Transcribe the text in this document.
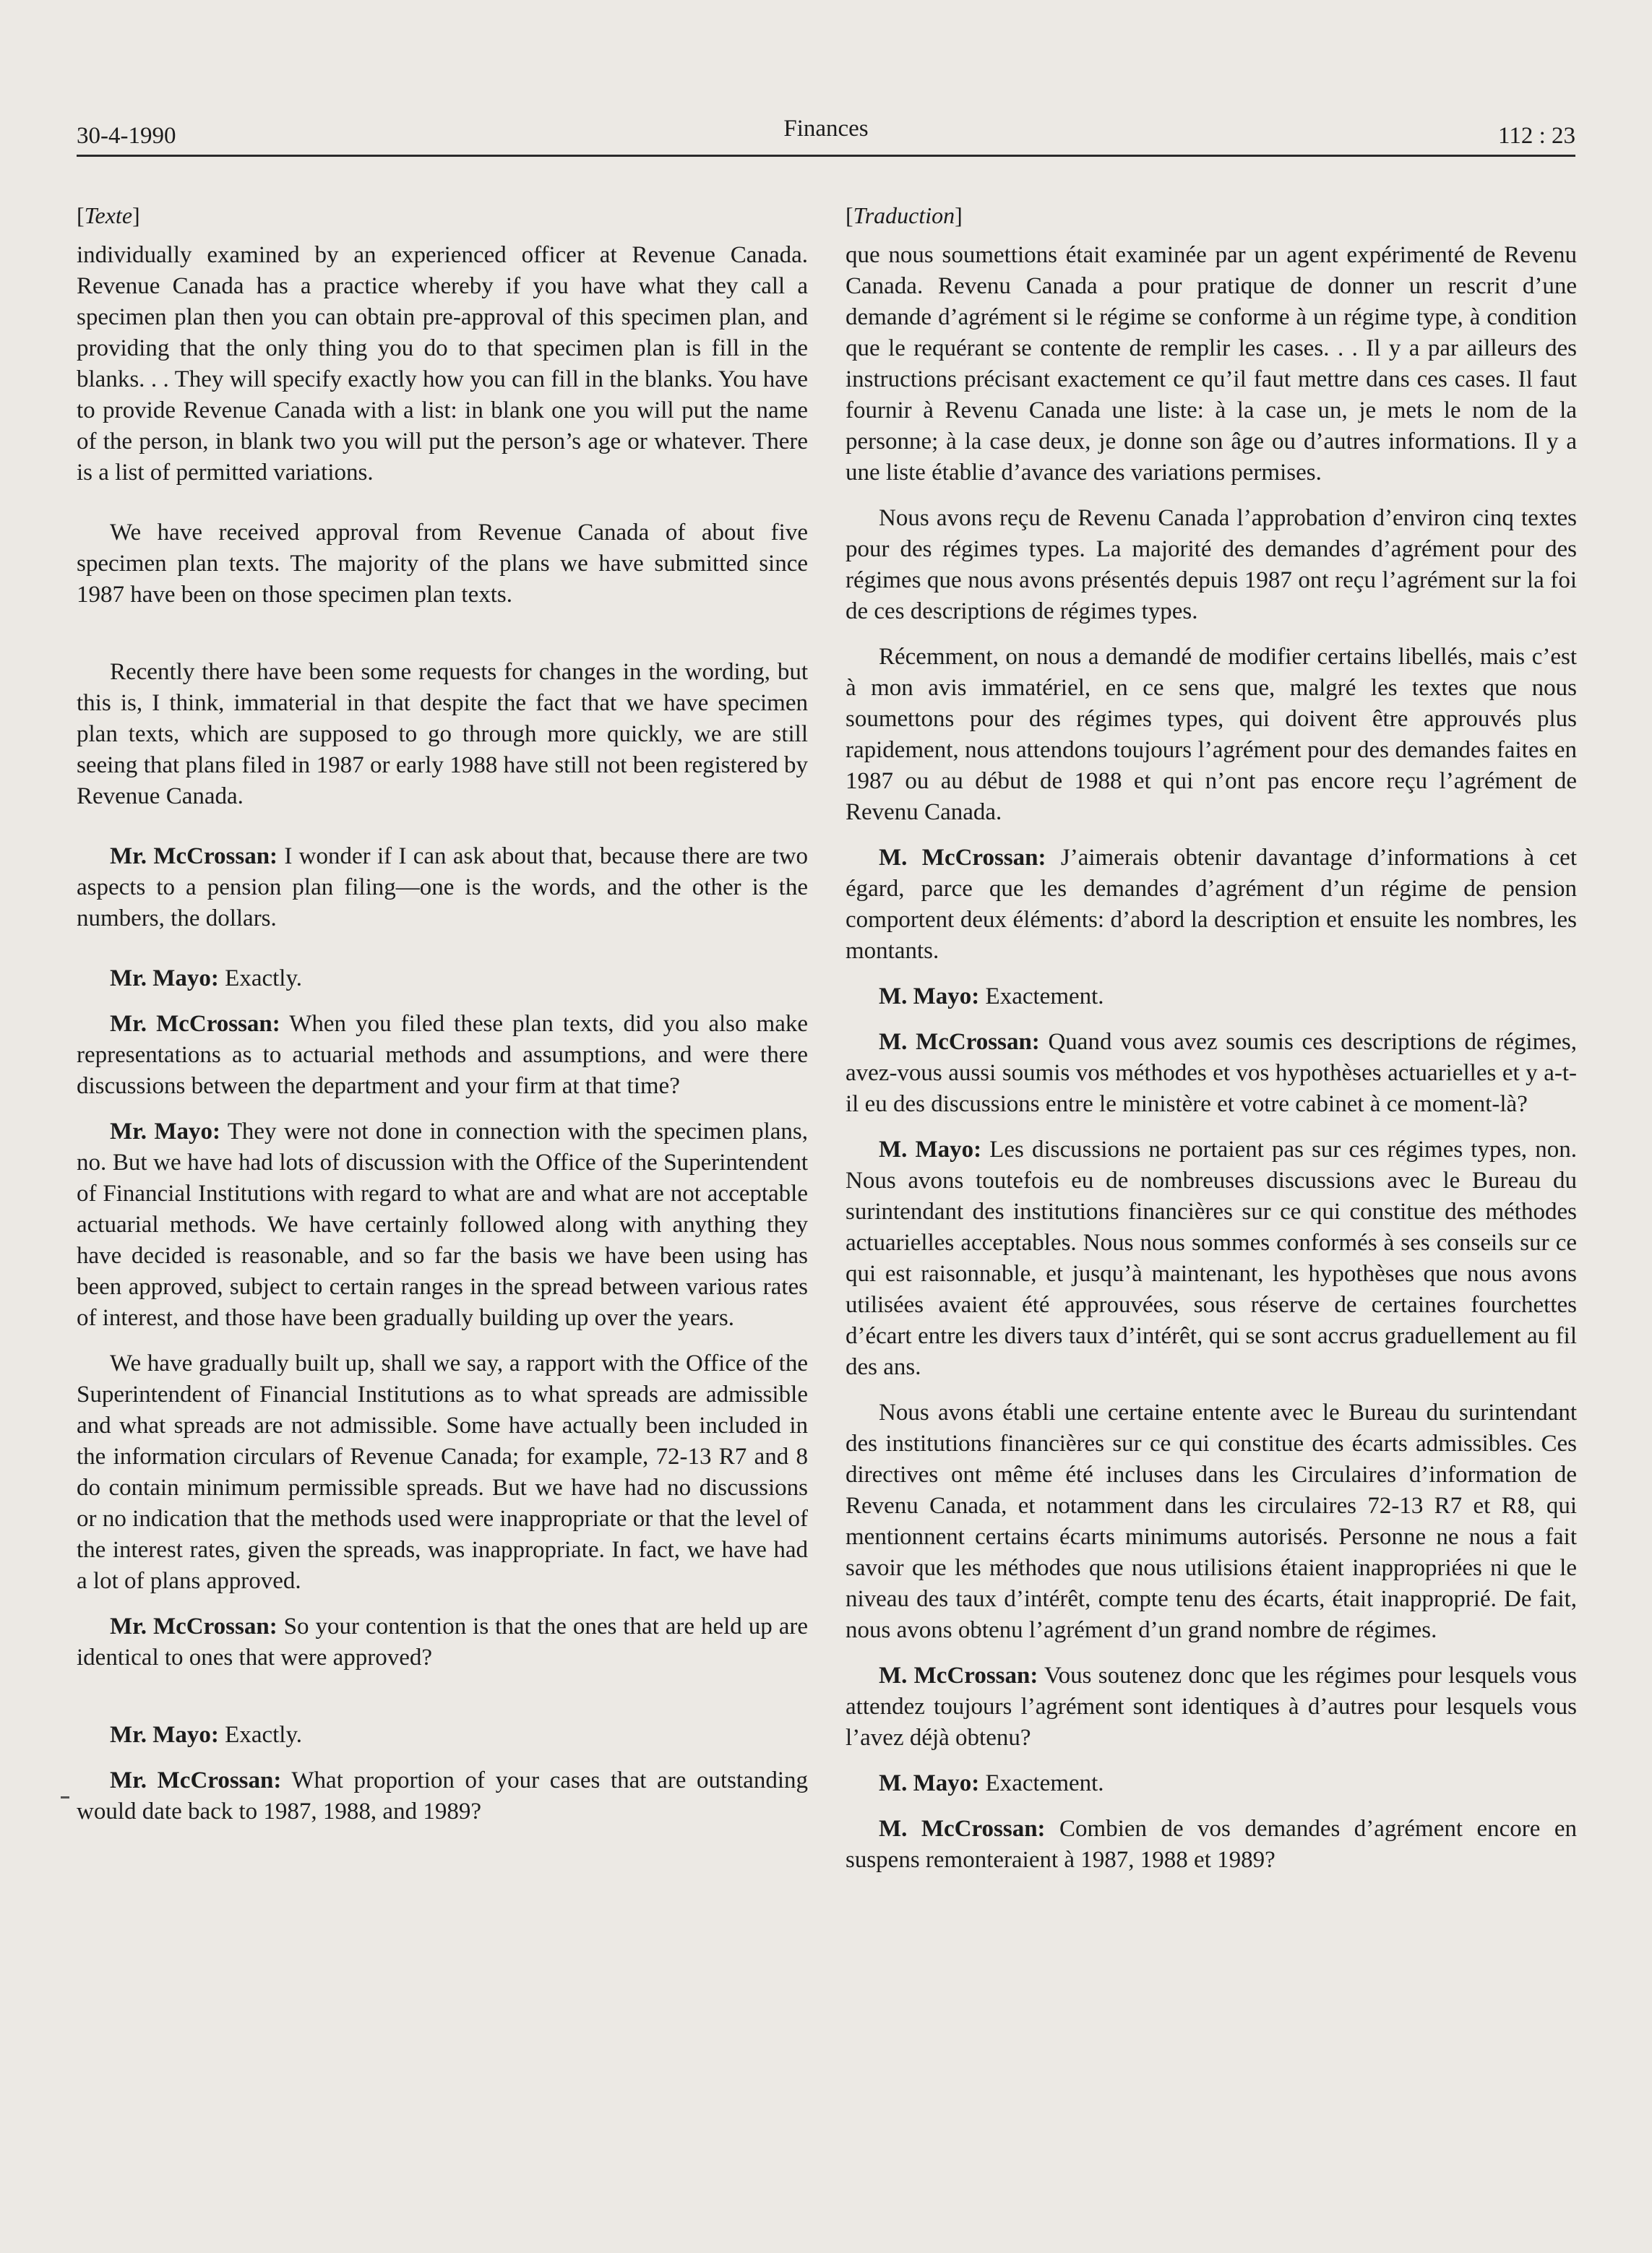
Finances
30-4-1990	112 : 23
[Texte]

individually examined by an experienced officer at Revenue Canada. Revenue Canada has a practice whereby if you have what they call a specimen plan then you can obtain pre-approval of this specimen plan, and providing that the only thing you do to that specimen plan is fill in the blanks. . . They will specify exactly how you can fill in the blanks. You have to provide Revenue Canada with a list: in blank one you will put the name of the person, in blank two you will put the person’s age or whatever. There is a list of permitted variations.

We have received approval from Revenue Canada of about five specimen plan texts. The majority of the plans we have submitted since 1987 have been on those specimen plan texts.

Recently there have been some requests for changes in the wording, but this is, I think, immaterial in that despite the fact that we have specimen plan texts, which are supposed to go through more quickly, we are still seeing that plans filed in 1987 or early 1988 have still not been registered by Revenue Canada.

Mr. McCrossan: I wonder if I can ask about that, because there are two aspects to a pension plan filing—one is the words, and the other is the numbers, the dollars.

Mr. Mayo: Exactly.

Mr. McCrossan: When you filed these plan texts, did you also make representations as to actuarial methods and assumptions, and were there discussions between the department and your firm at that time?

Mr. Mayo: They were not done in connection with the specimen plans, no. But we have had lots of discussion with the Office of the Superintendent of Financial Institutions with regard to what are and what are not acceptable actuarial methods. We have certainly followed along with anything they have decided is reasonable, and so far the basis we have been using has been approved, subject to certain ranges in the spread between various rates of interest, and those have been gradually building up over the years.

We have gradually built up, shall we say, a rapport with the Office of the Superintendent of Financial Institutions as to what spreads are admissible and what spreads are not admissible. Some have actually been included in the information circulars of Revenue Canada; for example, 72-13 R7 and 8 do contain minimum permissible spreads. But we have had no discussions or no indication that the methods used were inappropriate or that the level of the interest rates, given the spreads, was inappropriate. In fact, we have had a lot of plans approved.

Mr. McCrossan: So your contention is that the ones that are held up are identical to ones that were approved?

Mr. Mayo: Exactly.

Mr. McCrossan: What proportion of your cases that are outstanding would date back to 1987, 1988, and 1989?

[Traduction]

que nous soumettions était examinée par un agent expérimenté de Revenu Canada. Revenu Canada a pour pratique de donner un rescrit d’une demande d’agrément si le régime se conforme à un régime type, à condition que le requérant se contente de remplir les cases. . . Il y a par ailleurs des instructions précisant exactement ce qu’il faut mettre dans ces cases. Il faut fournir à Revenu Canada une liste: à la case un, je mets le nom de la personne; à la case deux, je donne son âge ou d’autres informations. Il y a une liste établie d’avance des variations permises.

Nous avons reçu de Revenu Canada l’approbation d’environ cinq textes pour des régimes types. La majorité des demandes d’agrément pour des régimes que nous avons présentés depuis 1987 ont reçu l’agrément sur la foi de ces descriptions de régimes types.

Récemment, on nous a demandé de modifier certains libellés, mais c’est à mon avis immatériel, en ce sens que, malgré les textes que nous soumettons pour des régimes types, qui doivent être approuvés plus rapidement, nous attendons toujours l’agrément pour des demandes faites en 1987 ou au début de 1988 et qui n’ont pas encore reçu l’agrément de Revenu Canada.

M. McCrossan: J’aimerais obtenir davantage d’informations à cet égard, parce que les demandes d’agrément d’un régime de pension comportent deux éléments: d’abord la description et ensuite les nombres, les montants.

M. Mayo: Exactement.

M. McCrossan: Quand vous avez soumis ces descriptions de régimes, avez-vous aussi soumis vos méthodes et vos hypothèses actuarielles et y a-t-il eu des discussions entre le ministère et votre cabinet à ce moment-là?

M. Mayo: Les discussions ne portaient pas sur ces régimes types, non. Nous avons toutefois eu de nombreuses discussions avec le Bureau du surintendant des institutions financières sur ce qui constitue des méthodes actuarielles acceptables. Nous nous sommes conformés à ses conseils sur ce qui est raisonnable, et jusqu’à maintenant, les hypothèses que nous avons utilisées avaient été approuvées, sous réserve de certaines fourchettes d’écart entre les divers taux d’intérêt, qui se sont accrus graduellement au fil des ans.

Nous avons établi une certaine entente avec le Bureau du surintendant des institutions financières sur ce qui constitue des écarts admissibles. Ces directives ont même été incluses dans les Circulaires d’information de Revenu Canada, et notamment dans les circulaires 72-13 R7 et R8, qui mentionnent certains écarts minimums autorisés. Personne ne nous a fait savoir que les méthodes que nous utilisions étaient inappropriées ni que le niveau des taux d’intérêt, compte tenu des écarts, était inapproprié. De fait, nous avons obtenu l’agrément d’un grand nombre de régimes.

M. McCrossan: Vous soutenez donc que les régimes pour lesquels vous attendez toujours l’agrément sont identiques à d’autres pour lesquels vous l’avez déjà obtenu?

M. Mayo: Exactement.

M. McCrossan: Combien de vos demandes d’agrément encore en suspens remonteraient à 1987, 1988 et 1989?
